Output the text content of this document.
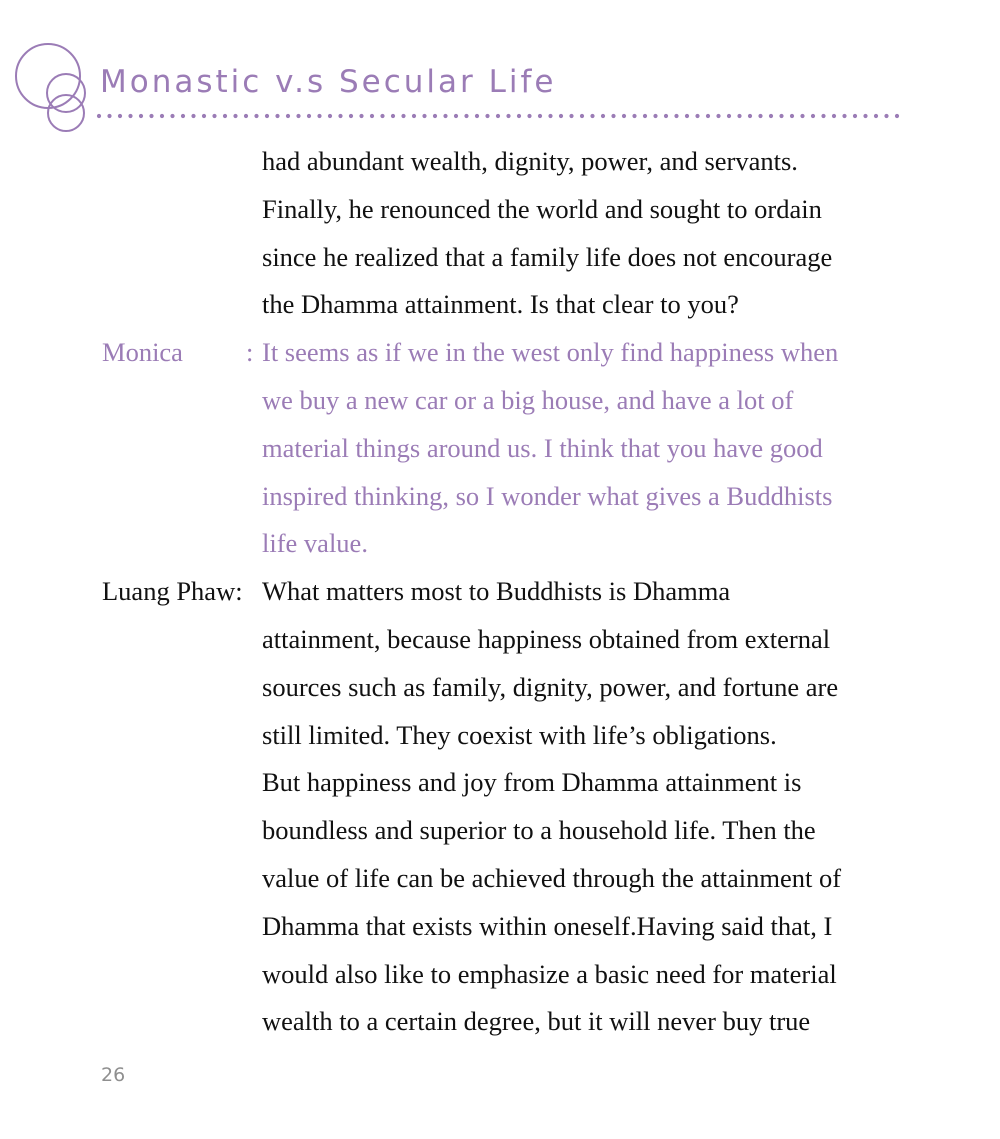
Monastic v.s Secular Life
had abundant wealth, dignity, power, and servants.
Finally, he renounced the world and sought to ordain
since he realized that a family life does not encourage
the Dhamma attainment. Is that clear to you?
Monica : It seems as if we in the west only find happiness when
we buy a new car or a big house, and have a lot of
material things around us. I think that you have good
inspired thinking, so I wonder what gives a Buddhists
life value.
Luang Phaw: What matters most to Buddhists is Dhamma
attainment, because happiness obtained from external
sources such as family, dignity, power, and fortune are
still limited. They coexist with life’s obligations.
But happiness and joy from Dhamma attainment is
boundless and superior to a household life. Then the
value of life can be achieved through the attainment of
Dhamma that exists within oneself.Having said that, I
would also like to emphasize a basic need for material
wealth to a certain degree, but it will never buy true
26
